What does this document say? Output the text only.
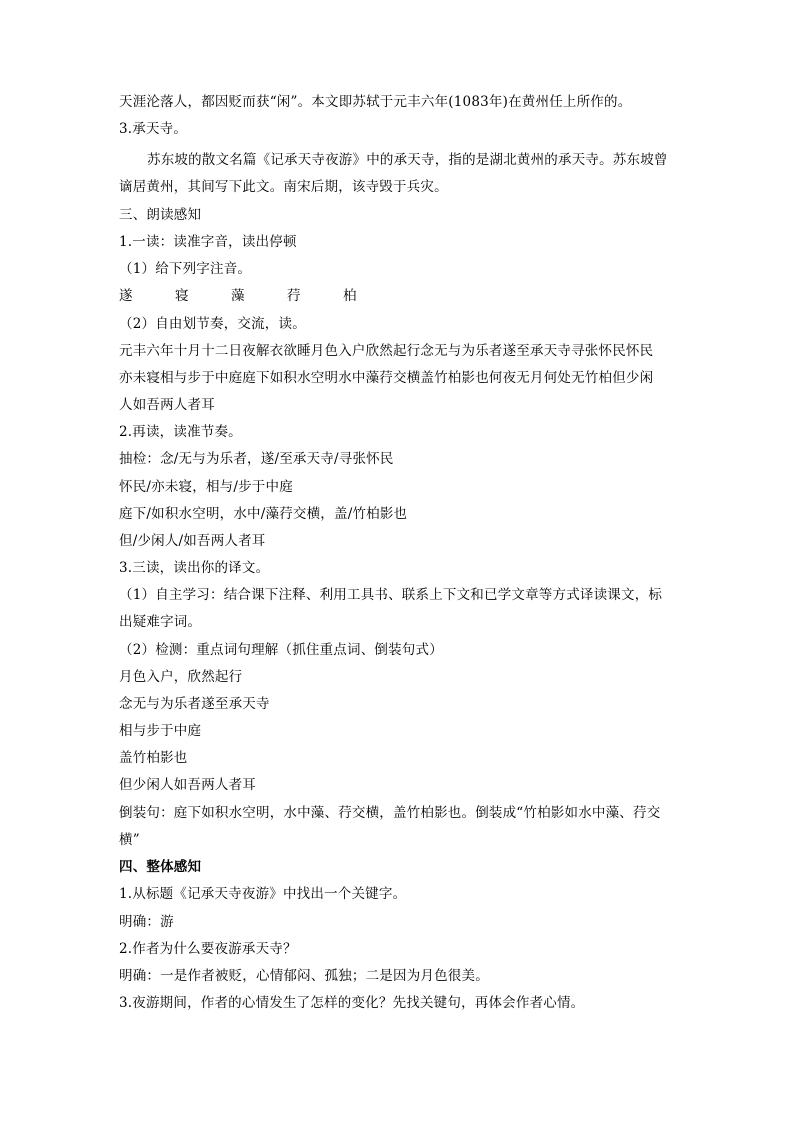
天涯沦落人，都因贬而获“闲”。本文即苏轼于元丰六年(1083年)在黄州任上所作的。
3.承天寺。
苏东坡的散文名篇《记承天寺夜游》中的承天寺，指的是湖北黄州的承天寺。苏东坡曾
谪居黄州，其间写下此文。南宋后期，该寺毁于兵灾。
三、朗读感知
1.一读：读准字音，读出停顿
（1）给下列字注音。
遂	寝	藻	荇	柏
（2）自由划节奏，交流，读。
元丰六年十月十二日夜解衣欲睡月色入户欣然起行念无与为乐者遂至承天寺寻张怀民怀民
亦未寝相与步于中庭庭下如积水空明水中藻荇交横盖竹柏影也何夜无月何处无竹柏但少闲
人如吾两人者耳
2.再读，读准节奏。
抽检：念/无与为乐者，遂/至承天寺/寻张怀民
怀民/亦未寝，相与/步于中庭
庭下/如积水空明，水中/藻荇交横，盖/竹柏影也
但/少闲人/如吾两人者耳
3.三读，读出你的译文。
（1）自主学习：结合课下注释、利用工具书、联系上下文和已学文章等方式译读课文，标
出疑难字词。
（2）检测：重点词句理解（抓住重点词、倒装句式）
月色入户，欣然起行
念无与为乐者遂至承天寺
相与步于中庭
盖竹柏影也
但少闲人如吾两人者耳
倒装句：庭下如积水空明，水中藻、荇交横，盖竹柏影也。倒装成“竹柏影如水中藻、荇交
横”
四、整体感知
1.从标题《记承天寺夜游》中找出一个关键字。
明确：游
2.作者为什么要夜游承天寺？
明确：一是作者被贬，心情郁闷、孤独；二是因为月色很美。
3.夜游期间，作者的心情发生了怎样的变化？先找关键句，再体会作者心情。
